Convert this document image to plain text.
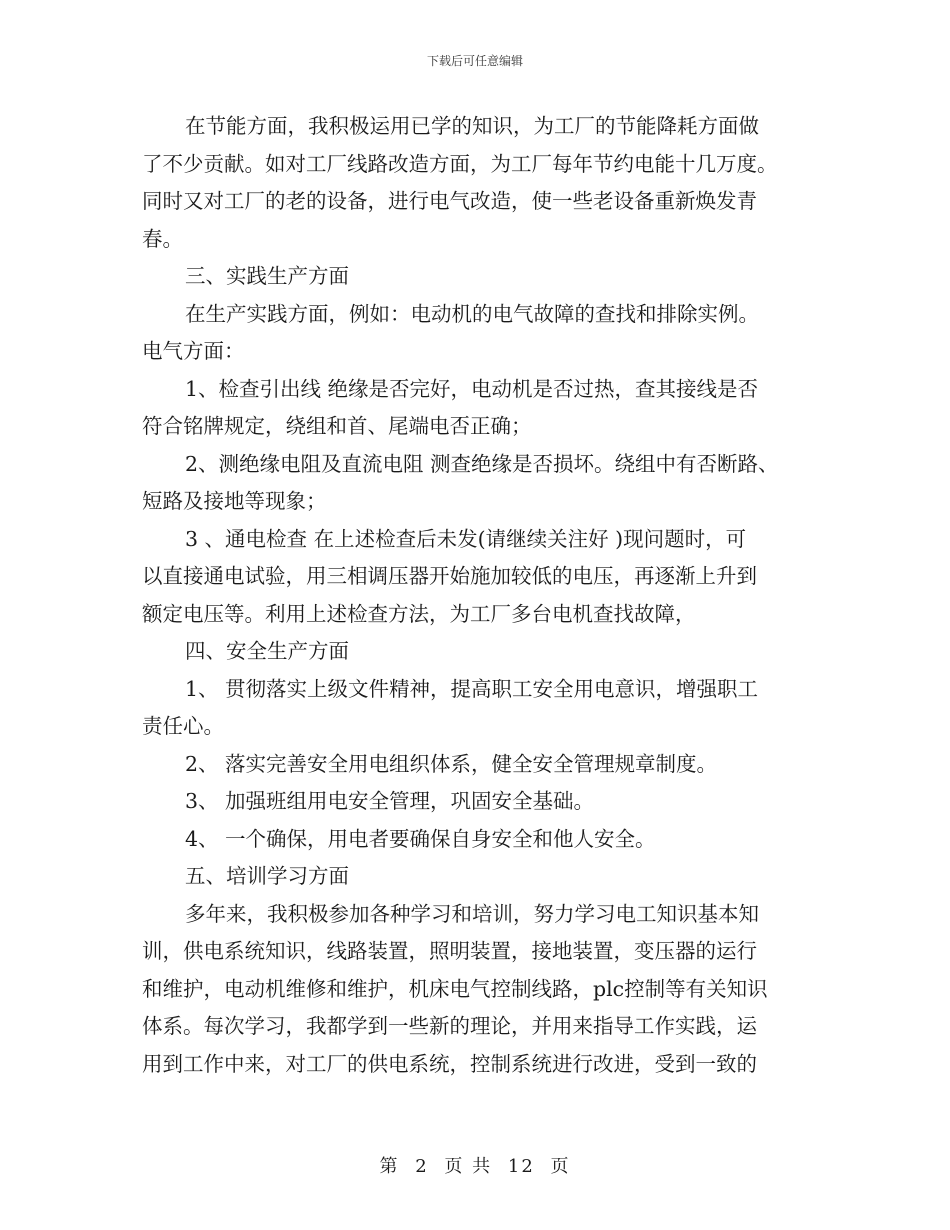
下载后可任意编辑
在节能方面，我积极运用已学的知识，为工厂的节能降耗方面做
了不少贡献。如对工厂线路改造方面，为工厂每年节约电能十几万度。
同时又对工厂的老的设备，进行电气改造，使一些老设备重新焕发青
春。
三、实践生产方面
在生产实践方面，例如：电动机的电气故障的查找和排除实例。
电气方面：
1、检查引出线 绝缘是否完好，电动机是否过热，查其接线是否
符合铭牌规定，绕组和首、尾端电否正确；
2、测绝缘电阻及直流电阻 测查绝缘是否损坏。绕组中有否断路、
短路及接地等现象；
3 、通电检查 在上述检查后未发(请继续关注好 )现问题时，可
以直接通电试验，用三相调压器开始施加较低的电压，再逐渐上升到
额定电压等。利用上述检查方法，为工厂多台电机查找故障，
四、安全生产方面
1、 贯彻落实上级文件精神，提高职工安全用电意识，增强职工
责任心。
2、 落实完善安全用电组织体系，健全安全管理规章制度。
3、 加强班组用电安全管理，巩固安全基础。
4、 一个确保，用电者要确保自身安全和他人安全。
五、培训学习方面
多年来，我积极参加各种学习和培训，努力学习电工知识基本知
训，供电系统知识，线路装置，照明装置，接地装置，变压器的运行
和维护，电动机维修和维护，机床电气控制线路，plc控制等有关知识
体系。每次学习，我都学到一些新的理论，并用来指导工作实践，运
用到工作中来，对工厂的供电系统，控制系统进行改进，受到一致的
第 2 页 共 12 页
